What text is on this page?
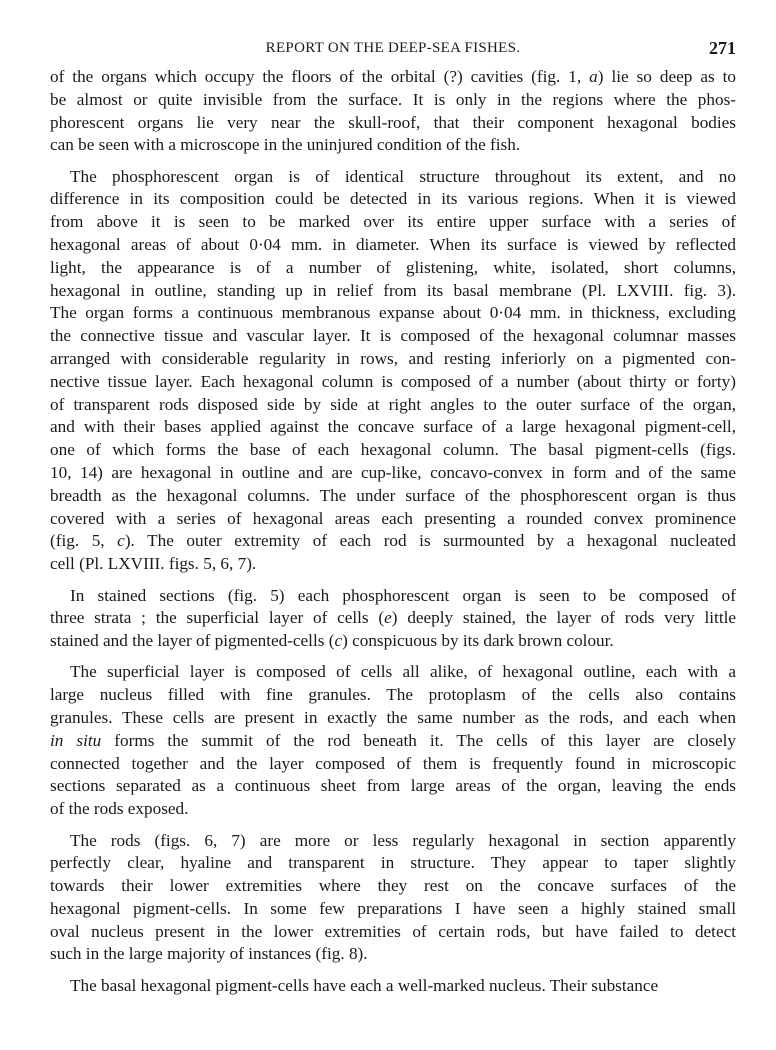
REPORT ON THE DEEP-SEA FISHES.	271
of the organs which occupy the floors of the orbital (?) cavities (fig. 1, a) lie so deep as to
be almost or quite invisible from the surface. It is only in the regions where the phos-
phorescent organs lie very near the skull-roof, that their component hexagonal bodies
can be seen with a microscope in the uninjured condition of the fish.
The phosphorescent organ is of identical structure throughout its extent, and no
difference in its composition could be detected in its various regions. When it is viewed
from above it is seen to be marked over its entire upper surface with a series of
hexagonal areas of about 0·04 mm. in diameter. When its surface is viewed by reflected
light, the appearance is of a number of glistening, white, isolated, short columns,
hexagonal in outline, standing up in relief from its basal membrane (Pl. LXVIII. fig. 3).
The organ forms a continuous membranous expanse about 0·04 mm. in thickness, excluding
the connective tissue and vascular layer. It is composed of the hexagonal columnar masses
arranged with considerable regularity in rows, and resting inferiorly on a pigmented con-
nective tissue layer. Each hexagonal column is composed of a number (about thirty or forty)
of transparent rods disposed side by side at right angles to the outer surface of the organ,
and with their bases applied against the concave surface of a large hexagonal pigment-cell,
one of which forms the base of each hexagonal column. The basal pigment-cells (figs.
10, 14) are hexagonal in outline and are cup-like, concavo-convex in form and of the same
breadth as the hexagonal columns. The under surface of the phosphorescent organ is thus
covered with a series of hexagonal areas each presenting a rounded convex prominence
(fig. 5, c). The outer extremity of each rod is surmounted by a hexagonal nucleated
cell (Pl. LXVIII. figs. 5, 6, 7).
In stained sections (fig. 5) each phosphorescent organ is seen to be composed of
three strata ; the superficial layer of cells (e) deeply stained, the layer of rods very little
stained and the layer of pigmented-cells (c) conspicuous by its dark brown colour.
The superficial layer is composed of cells all alike, of hexagonal outline, each with a
large nucleus filled with fine granules. The protoplasm of the cells also contains
granules. These cells are present in exactly the same number as the rods, and each when
in situ forms the summit of the rod beneath it. The cells of this layer are closely
connected together and the layer composed of them is frequently found in microscopic
sections separated as a continuous sheet from large areas of the organ, leaving the ends
of the rods exposed.
The rods (figs. 6, 7) are more or less regularly hexagonal in section apparently
perfectly clear, hyaline and transparent in structure. They appear to taper slightly
towards their lower extremities where they rest on the concave surfaces of the
hexagonal pigment-cells. In some few preparations I have seen a highly stained small
oval nucleus present in the lower extremities of certain rods, but have failed to detect
such in the large majority of instances (fig. 8).
The basal hexagonal pigment-cells have each a well-marked nucleus. Their substance
